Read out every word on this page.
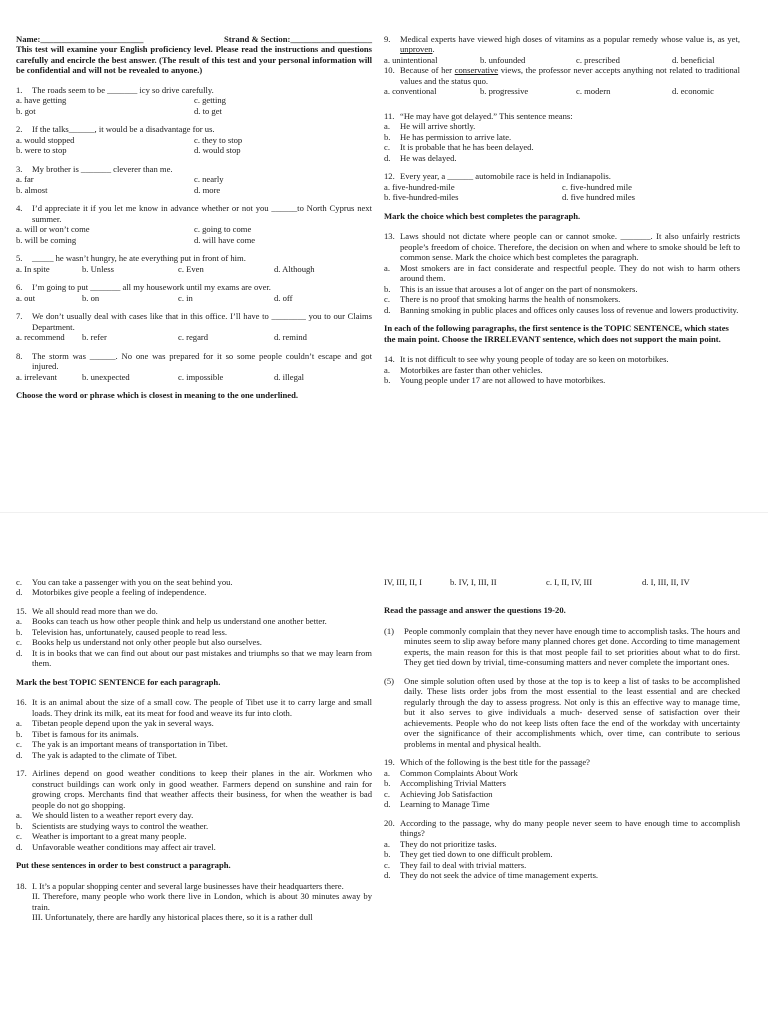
Name:________________________	Strand & Section:___________________

This test will examine your English proficiency level. Please read the instructions and questions carefully and encircle the best answer. (The result of this test and your personal information will be confidential and will not be revealed to anyone.)

1.	The roads seem to be _______ icy so drive carefully.
a. have getting	c. getting
b. got	d. to get
2.	If the talks______, it would be a disadvantage for us.
a. would stopped	c. they to stop
b. were to stop	d. would stop
3.	My brother is _______ cleverer than me.
a. far	c. nearly
b. almost	d. more
4.	I’d appreciate it if you let me know in advance whether or not you ______to North Cyprus next summer.
a. will or won’t come	c. going to come
b. will be coming	d. will have come
5.	_____ he wasn’t hungry, he ate everything put in front of him.
a. In spite	b. Unless	c. Even	d. Although
6.	I’m going to put _______ all my housework until my exams are over.
a. out	b. on	c. in	d. off
7.	We don’t usually deal with cases like that in this office. I’ll have to ________ you to our Claims Department.
a. recommend	b. refer	c. regard	d. remind
8.	The storm was ______. No one was prepared for it so some people couldn’t escape and got injured.
a. irrelevant	b. unexpected	c. impossible	d. illegal

Choose the word or phrase which is closest in meaning to the one underlined.

9.	Medical experts have viewed high doses of vitamins as a popular remedy whose value is, as yet, unproven.
a. unintentional	b. unfounded	c. prescribed	d. beneficial
10. Because of her conservative views, the professor never accepts anything not related to traditional values and the status quo.
a. conventional	b. progressive	c. modern	d. economic
11. “He may have got delayed.” This sentence means:
a.	He will arrive shortly.
b.	He has permission to arrive late.
c.	It is probable that he has been delayed.
d.	He was delayed.
12. Every year, a ______ automobile race is held in Indianapolis.
a. five-hundred-mile	c. five-hundred mile
b. five-hundred-miles	d. five hundred miles

Mark the choice which best completes the paragraph.

13. Laws should not dictate where people can or cannot smoke. _______. It also unfairly restricts people’s freedom of choice. Therefore, the decision on when and where to smoke should be left to common sense. Mark the choice which best completes the paragraph.
a.	Most smokers are in fact considerate and respectful people. They do not wish to harm others around them.
b.	This is an issue that arouses a lot of anger on the part of nonsmokers.
c.	There is no proof that smoking harms the health of nonsmokers.
d.	Banning smoking in public places and offices only causes loss of revenue and lowers productivity.

In each of the following paragraphs, the first sentence is the TOPIC SENTENCE, which states the main point. Choose the IRRELEVANT sentence, which does not support the main point.

14. It is not difficult to see why young people of today are so keen on motorbikes.
a.	Motorbikes are faster than other vehicles.
b.	Young people under 17 are not allowed to have motorbikes.
c.	You can take a passenger with you on the seat behind you.
d.	Motorbikes give people a feeling of independence.
15. We all should read more than we do.
a.	Books can teach us how other people think and help us understand one another better.
b.	Television has, unfortunately, caused people to read less.
c.	Books help us understand not only other people but also ourselves.
d.	It is in books that we can find out about our past mistakes and triumphs so that we may learn from them.

Mark the best TOPIC SENTENCE for each paragraph.

16. It is an animal about the size of a small cow. The people of Tibet use it to carry large and small loads. They drink its milk, eat its meat for food and weave its fur into cloth.
a.	Tibetan people depend upon the yak in several ways.
b.	Tibet is famous for its animals.
c.	The yak is an important means of transportation in Tibet.
d.	The yak is adapted to the climate of Tibet.
17. Airlines depend on good weather conditions to keep their planes in the air. Workmen who construct buildings can work only in good weather. Farmers depend on sunshine and rain for growing crops. Merchants find that weather affects their business, for when the weather is bad people do not go shopping.
a.	We should listen to a weather report every day.
b.	Scientists are studying ways to control the weather.
c.	Weather is important to a great many people.
d.	Unfavorable weather conditions may affect air travel.

Put these sentences in order to best construct a paragraph.

18. I. It’s a popular shopping center and several large businesses have their headquarters there.

II. Therefore, many people who work there live in London, which is about 30 minutes away by train.

III. Unfortunately, there are hardly any historical places there, so it is a rather dull

IV, III, II, I	b. IV, I, III, II	c. I, II, IV, III	d. I, III, II, IV

Read the passage and answer the questions 19-20.

(1)	People commonly complain that they never have enough time to accomplish tasks. The hours and minutes seem to slip away before many planned chores get done. According to time management experts, the main reason for this is that most people fail to set priorities about what to do first. They get tied down by trivial, time-consuming matters and never complete the important ones.
(5)	One simple solution often used by those at the top is to keep a list of tasks to be accomplished daily. These lists order jobs from the most essential to the least essential and are checked regularly through the day to assess progress. Not only is this an effective way to manage time, but it also serves to give individuals a much- deserved sense of satisfaction over their achievements. People who do not keep lists often face the end of the workday with uncertainty over the significance of their accomplishments which, over time, can contribute to serious problems in mental and physical health.
19. Which of the following is the best title for the passage?
a.	Common Complaints About Work
b.	Accomplishing Trivial Matters
c.	Achieving Job Satisfaction
d.	Learning to Manage Time
20. According to the passage, why do many people never seem to have enough time to accomplish things?
a.	They do not prioritize tasks.
b.	They get tied down to one difficult problem.
c.	They fail to deal with trivial matters.
d.	They do not seek the advice of time management experts.
